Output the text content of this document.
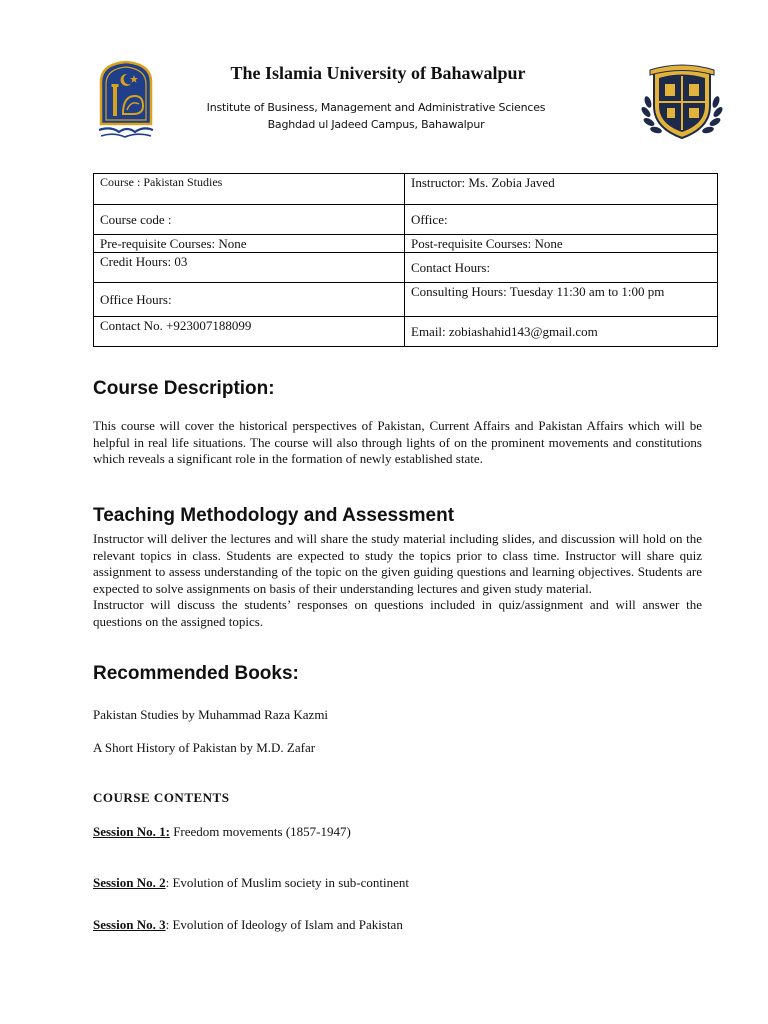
The Islamia University of Bahawalpur
Institute of Business, Management and Administrative Sciences
Baghdad ul Jadeed Campus, Bahawalpur
Course : Pakistan Studies	Instructor: Ms. Zobia Javed
Course code :	Office:
Pre-requisite Courses: None	Post-requisite Courses: None
Credit Hours: 03	Contact Hours:
Office Hours:	Consulting Hours: Tuesday 11:30 am to 1:00 pm
Contact No. +923007188099	Email: zobiashahid143@gmail.com
Course Description:

This course will cover the historical perspectives of Pakistan, Current Affairs and Pakistan Affairs which will be helpful in real life situations. The course will also through lights of on the prominent movements and constitutions which reveals a significant role in the formation of newly established state.

Teaching Methodology and Assessment

Instructor will deliver the lectures and will share the study material including slides, and discussion will hold on the relevant topics in class. Students are expected to study the topics prior to class time. Instructor will share quiz assignment to assess understanding of the topic on the given guiding questions and learning objectives. Students are expected to solve assignments on basis of their understanding lectures and given study material.

Instructor will discuss the students’ responses on questions included in quiz/assignment and will answer the questions on the assigned topics.

Recommended Books:
Pakistan Studies by Muhammad Raza Kazmi
A Short History of Pakistan by M.D. Zafar
COURSE CONTENTS
Session No. 1: Freedom movements (1857-1947)
Session No. 2: Evolution of Muslim society in sub-continent
Session No. 3: Evolution of Ideology of Islam and Pakistan
